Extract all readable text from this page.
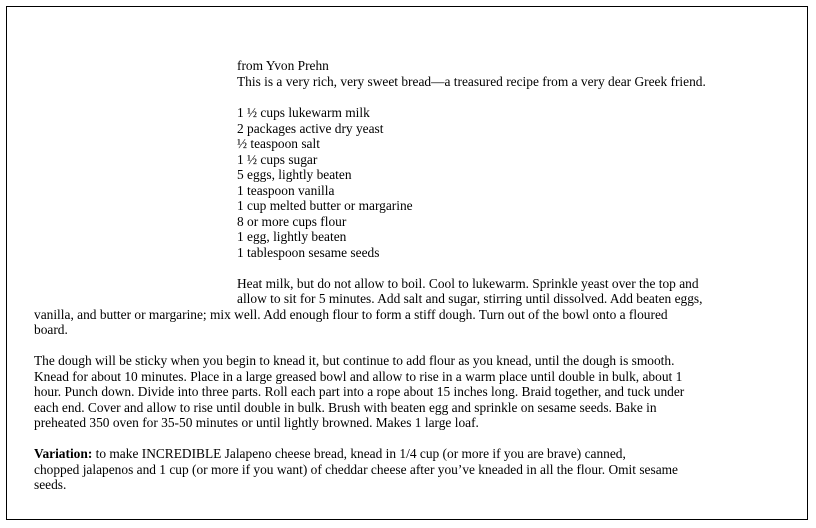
from Yvon Prehn
This is a very rich, very sweet bread—a treasured recipe from a very dear Greek friend.
1 ½ cups lukewarm milk
2 packages active dry yeast
½ teaspoon salt
1 ½ cups sugar
5 eggs, lightly beaten
1 teaspoon vanilla
1 cup melted butter or margarine
8 or more cups flour
1 egg, lightly beaten
1 tablespoon sesame seeds
Heat milk, but do not allow to boil. Cool to lukewarm. Sprinkle yeast over the top and
allow to sit for 5 minutes. Add salt and sugar, stirring until dissolved. Add beaten eggs,
vanilla, and butter or margarine; mix well. Add enough flour to form a stiff dough. Turn out of the bowl onto a floured
board.
The dough will be sticky when you begin to knead it, but continue to add flour as you knead, until the dough is smooth.
Knead for about 10 minutes. Place in a large greased bowl and allow to rise in a warm place until double in bulk, about 1
hour. Punch down. Divide into three parts. Roll each part into a rope about 15 inches long. Braid together, and tuck under
each end. Cover and allow to rise until double in bulk. Brush with beaten egg and sprinkle on sesame seeds. Bake in
preheated 350 oven for 35-50 minutes or until lightly browned. Makes 1 large loaf.
Variation: to make INCREDIBLE Jalapeno cheese bread, knead in 1/4 cup (or more if you are brave) canned,
chopped jalapenos and 1 cup (or more if you want) of cheddar cheese after you’ve kneaded in all the flour. Omit sesame
seeds.
